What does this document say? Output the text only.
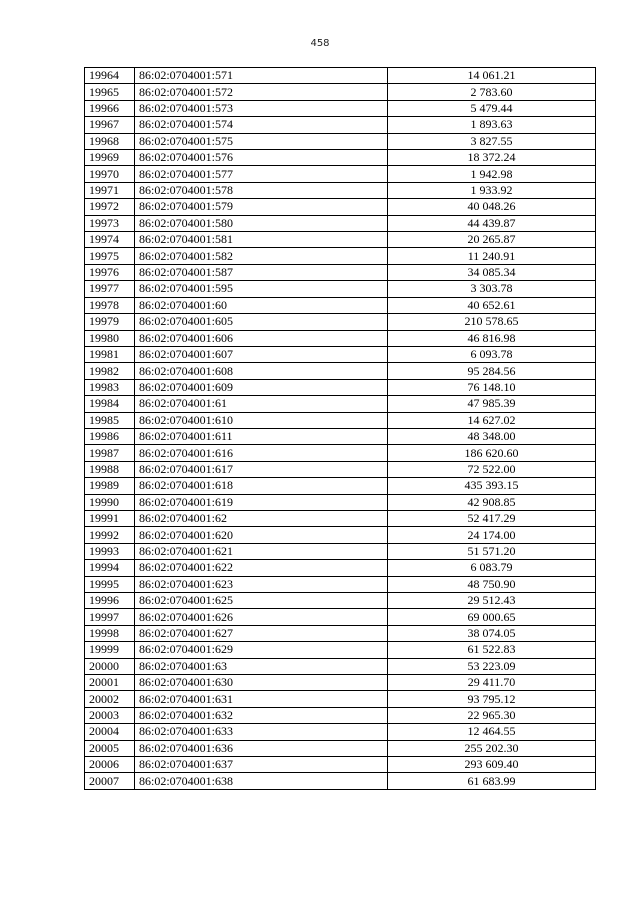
458
19964	86:02:0704001:571	14 061.21
19965	86:02:0704001:572	2 783.60
19966	86:02:0704001:573	5 479.44
19967	86:02:0704001:574	1 893.63
19968	86:02:0704001:575	3 827.55
19969	86:02:0704001:576	18 372.24
19970	86:02:0704001:577	1 942.98
19971	86:02:0704001:578	1 933.92
19972	86:02:0704001:579	40 048.26
19973	86:02:0704001:580	44 439.87
19974	86:02:0704001:581	20 265.87
19975	86:02:0704001:582	11 240.91
19976	86:02:0704001:587	34 085.34
19977	86:02:0704001:595	3 303.78
19978	86:02:0704001:60	40 652.61
19979	86:02:0704001:605	210 578.65
19980	86:02:0704001:606	46 816.98
19981	86:02:0704001:607	6 093.78
19982	86:02:0704001:608	95 284.56
19983	86:02:0704001:609	76 148.10
19984	86:02:0704001:61	47 985.39
19985	86:02:0704001:610	14 627.02
19986	86:02:0704001:611	48 348.00
19987	86:02:0704001:616	186 620.60
19988	86:02:0704001:617	72 522.00
19989	86:02:0704001:618	435 393.15
19990	86:02:0704001:619	42 908.85
19991	86:02:0704001:62	52 417.29
19992	86:02:0704001:620	24 174.00
19993	86:02:0704001:621	51 571.20
19994	86:02:0704001:622	6 083.79
19995	86:02:0704001:623	48 750.90
19996	86:02:0704001:625	29 512.43
19997	86:02:0704001:626	69 000.65
19998	86:02:0704001:627	38 074.05
19999	86:02:0704001:629	61 522.83
20000	86:02:0704001:63	53 223.09
20001	86:02:0704001:630	29 411.70
20002	86:02:0704001:631	93 795.12
20003	86:02:0704001:632	22 965.30
20004	86:02:0704001:633	12 464.55
20005	86:02:0704001:636	255 202.30
20006	86:02:0704001:637	293 609.40
20007	86:02:0704001:638	61 683.99
